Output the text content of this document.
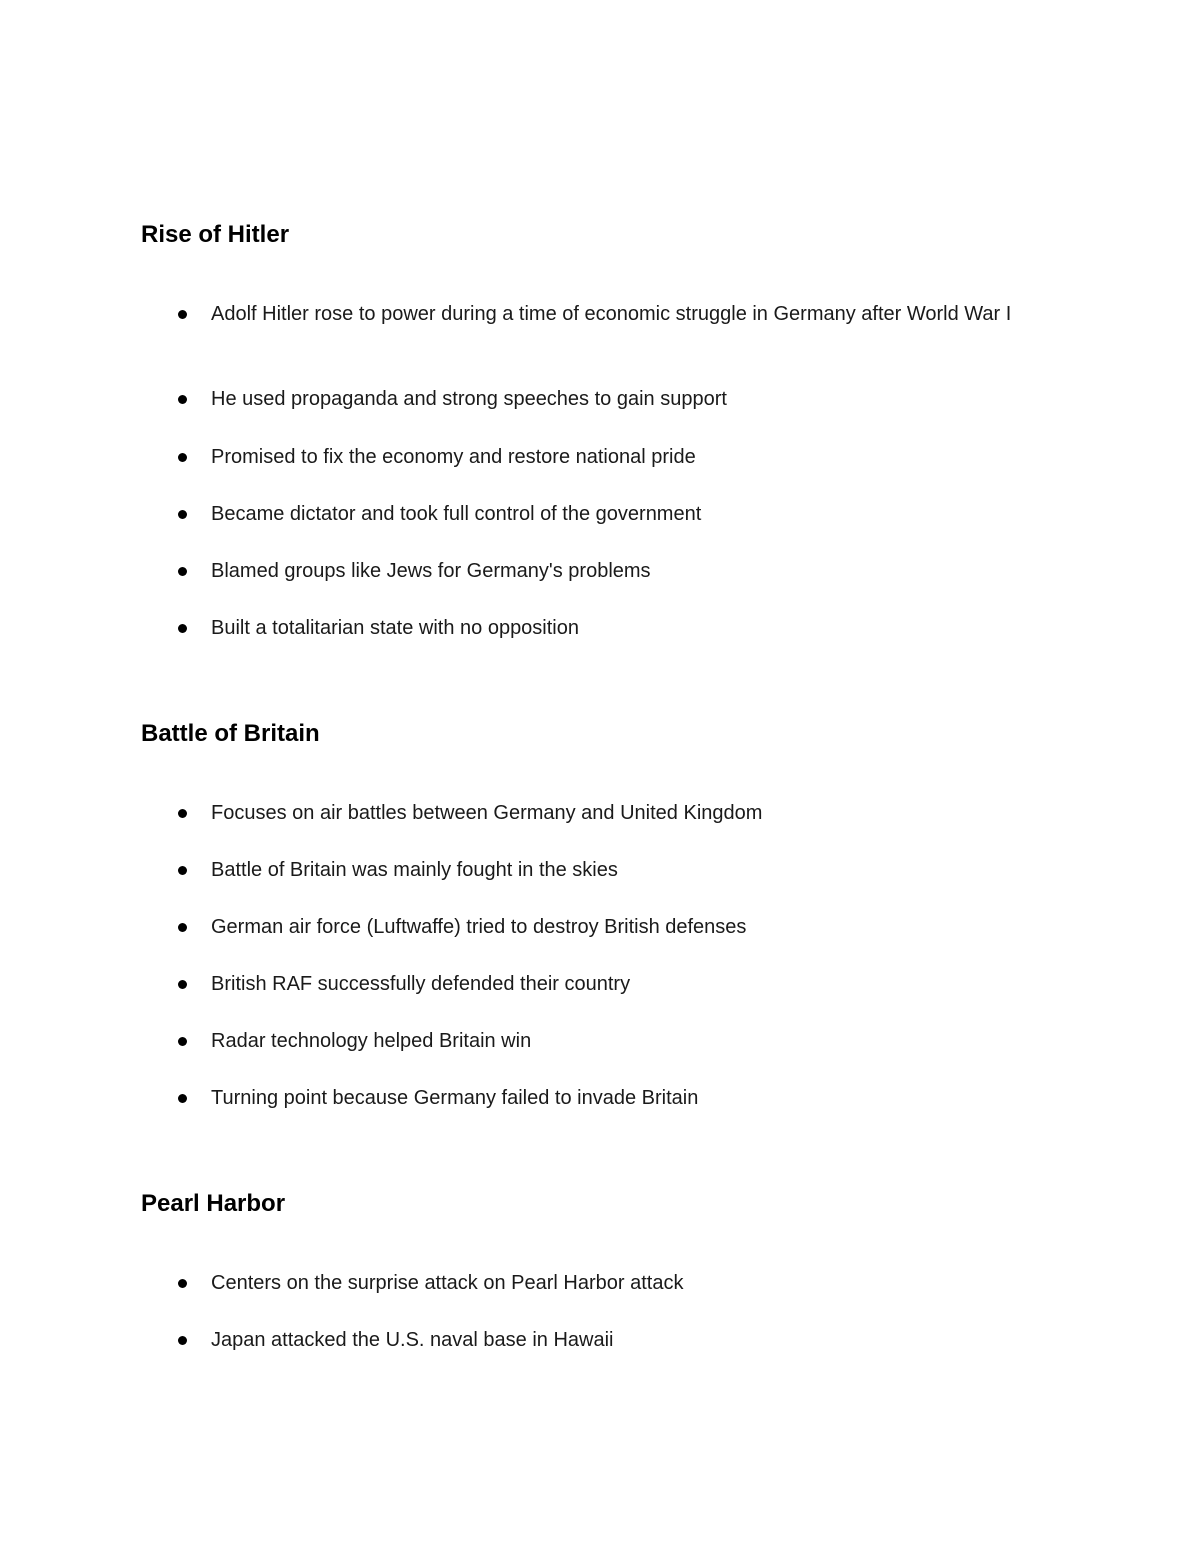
Rise of Hitler
Adolf Hitler rose to power during a time of economic struggle in Germany after World War I
He used propaganda and strong speeches to gain support
Promised to fix the economy and restore national pride
Became dictator and took full control of the government
Blamed groups like Jews for Germany's problems
Built a totalitarian state with no opposition
Battle of Britain
Focuses on air battles between Germany and United Kingdom
Battle of Britain was mainly fought in the skies
German air force (Luftwaffe) tried to destroy British defenses
British RAF successfully defended their country
Radar technology helped Britain win
Turning point because Germany failed to invade Britain
Pearl Harbor
Centers on the surprise attack on Pearl Harbor attack
Japan attacked the U.S. naval base in Hawaii
